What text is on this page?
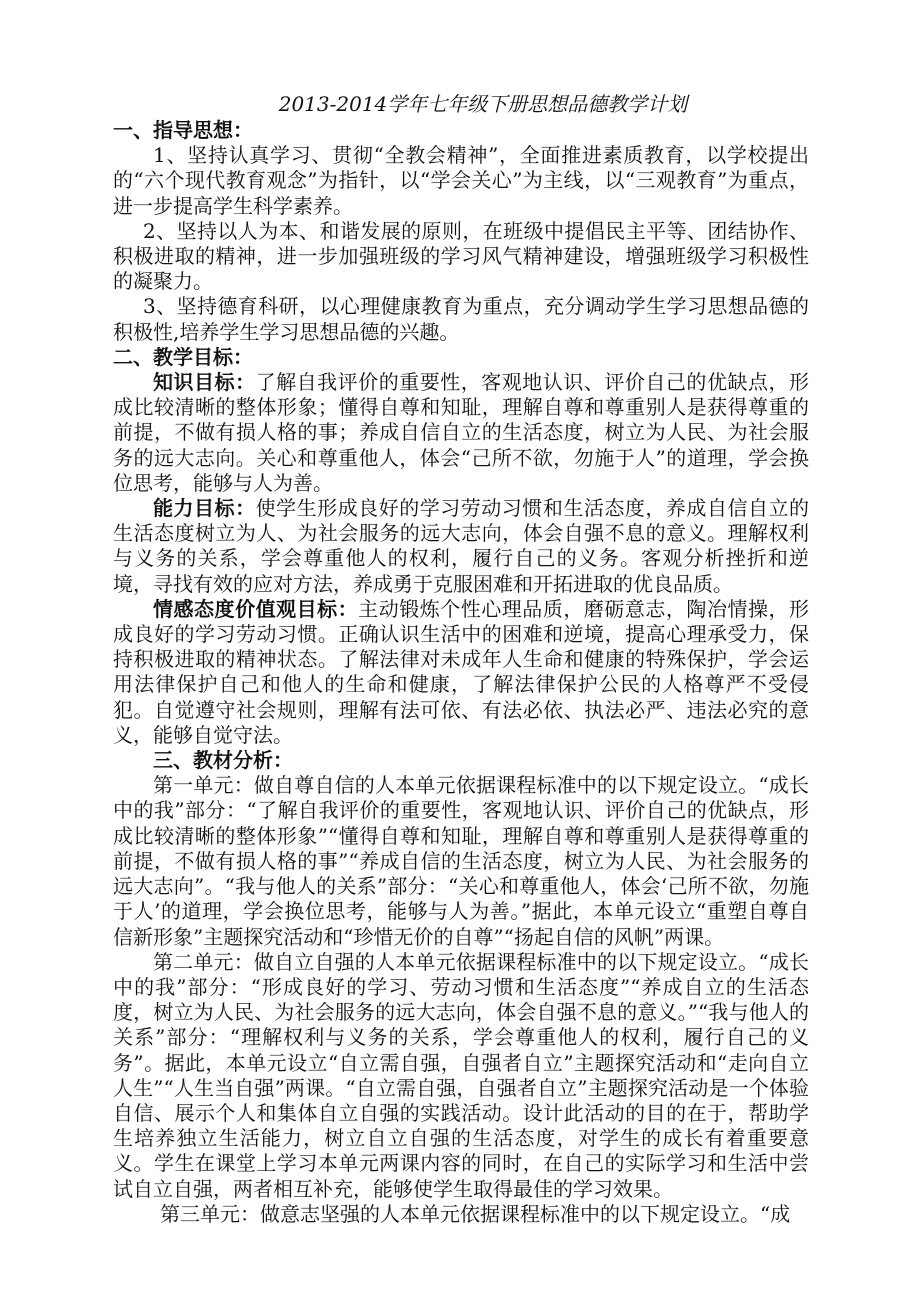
2013-2014学年七年级下册思想品德教学计划

一、指导思想：

1、坚持认真学习、贯彻“全教会精神”，全面推进素质教育，以学校提出的“六个现代教育观念”为指针，以“学会关心”为主线，以“三观教育”为重点，进一步提高学生科学素养。

2、坚持以人为本、和谐发展的原则，在班级中提倡民主平等、团结协作、积极进取的精神，进一步加强班级的学习风气精神建设，增强班级学习积极性的凝聚力。

3、坚持德育科研，以心理健康教育为重点，充分调动学生学习思想品德的积极性,培养学生学习思想品德的兴趣。

二、教学目标：

知识目标：了解自我评价的重要性，客观地认识、评价自己的优缺点，形成比较清晰的整体形象；懂得自尊和知耻，理解自尊和尊重别人是获得尊重的前提，不做有损人格的事；养成自信自立的生活态度，树立为人民、为社会服务的远大志向。关心和尊重他人，体会“己所不欲，勿施于人”的道理，学会换位思考，能够与人为善。

能力目标：使学生形成良好的学习劳动习惯和生活态度，养成自信自立的生活态度树立为人、为社会服务的远大志向，体会自强不息的意义。理解权利与义务的关系，学会尊重他人的权利，履行自己的义务。客观分析挫折和逆境，寻找有效的应对方法，养成勇于克服困难和开拓进取的优良品质。

情感态度价值观目标：主动锻炼个性心理品质，磨砺意志，陶冶情操，形成良好的学习劳动习惯。正确认识生活中的困难和逆境，提高心理承受力，保持积极进取的精神状态。了解法律对未成年人生命和健康的特殊保护，学会运用法律保护自己和他人的生命和健康，了解法律保护公民的人格尊严不受侵犯。自觉遵守社会规则，理解有法可依、有法必依、执法必严、违法必究的意义，能够自觉守法。

三、教材分析：

第一单元：做自尊自信的人本单元依据课程标准中的以下规定设立。“成长中的我”部分：“了解自我评价的重要性，客观地认识、评价自己的优缺点，形成比较清晰的整体形象”“懂得自尊和知耻，理解自尊和尊重别人是获得尊重的前提，不做有损人格的事”“养成自信的生活态度，树立为人民、为社会服务的远大志向”。“我与他人的关系”部分：“关心和尊重他人，体会‘己所不欲，勿施于人’的道理，学会换位思考，能够与人为善。”据此，本单元设立“重塑自尊自信新形象”主题探究活动和“珍惜无价的自尊”“扬起自信的风帆”两课。

第二单元：做自立自强的人本单元依据课程标准中的以下规定设立。“成长中的我”部分：“形成良好的学习、劳动习惯和生活态度”“养成自立的生活态度，树立为人民、为社会服务的远大志向，体会自强不息的意义。”“我与他人的关系”部分：“理解权利与义务的关系，学会尊重他人的权利，履行自己的义务”。据此，本单元设立“自立需自强，自强者自立”主题探究活动和“走向自立人生”“人生当自强”两课。“自立需自强，自强者自立”主题探究活动是一个体验自信、展示个人和集体自立自强的实践活动。设计此活动的目的在于，帮助学生培养独立生活能力，树立自立自强的生活态度，对学生的成长有着重要意义。学生在课堂上学习本单元两课内容的同时，在自己的实际学习和生活中尝试自立自强，两者相互补充，能够使学生取得最佳的学习效果。

第三单元：做意志坚强的人本单元依据课程标准中的以下规定设立。“成
